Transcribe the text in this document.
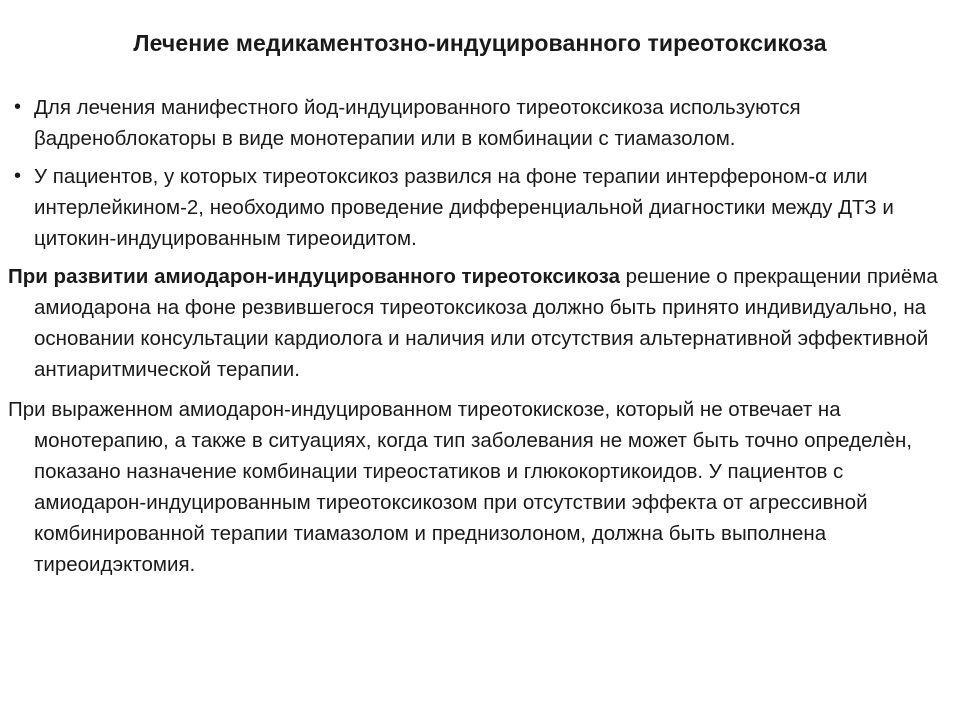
Лечение медикаментозно-индуцированного тиреотоксикоза
• Для лечения манифестного йод-индуцированного тиреотоксикоза используются βадреноблокаторы в виде монотерапии или в комбинации с тиамазолом.
• У пациентов, у которых тиреотоксикоз развился на фоне терапии интерфероном-α или интерлейкином-2, необходимо проведение дифференциальной диагностики между ДТЗ и цитокин-индуцированным тиреоидитом.
При развитии амиодарон-индуцированного тиреотоксикоза решение о прекращении приёма амиодарона на фоне резвившегося тиреотоксикоза должно быть принято индивидуально, на основании консультации кардиолога и наличия или отсутствия альтернативной эффективной антиаритмической терапии.
При выраженном амиодарон-индуцированном тиреотокискозе, который не отвечает на монотерапию, а также в ситуациях, когда тип заболевания не может быть точно определѐн, показано назначение комбинации тиреостатиков и глюкокортикоидов. У пациентов с амиодарон-индуцированным тиреотоксикозом при отсутствии эффекта от агрессивной комбинированной терапии тиамазолом и преднизолоном, должна быть выполнена тиреоидэктомия.
